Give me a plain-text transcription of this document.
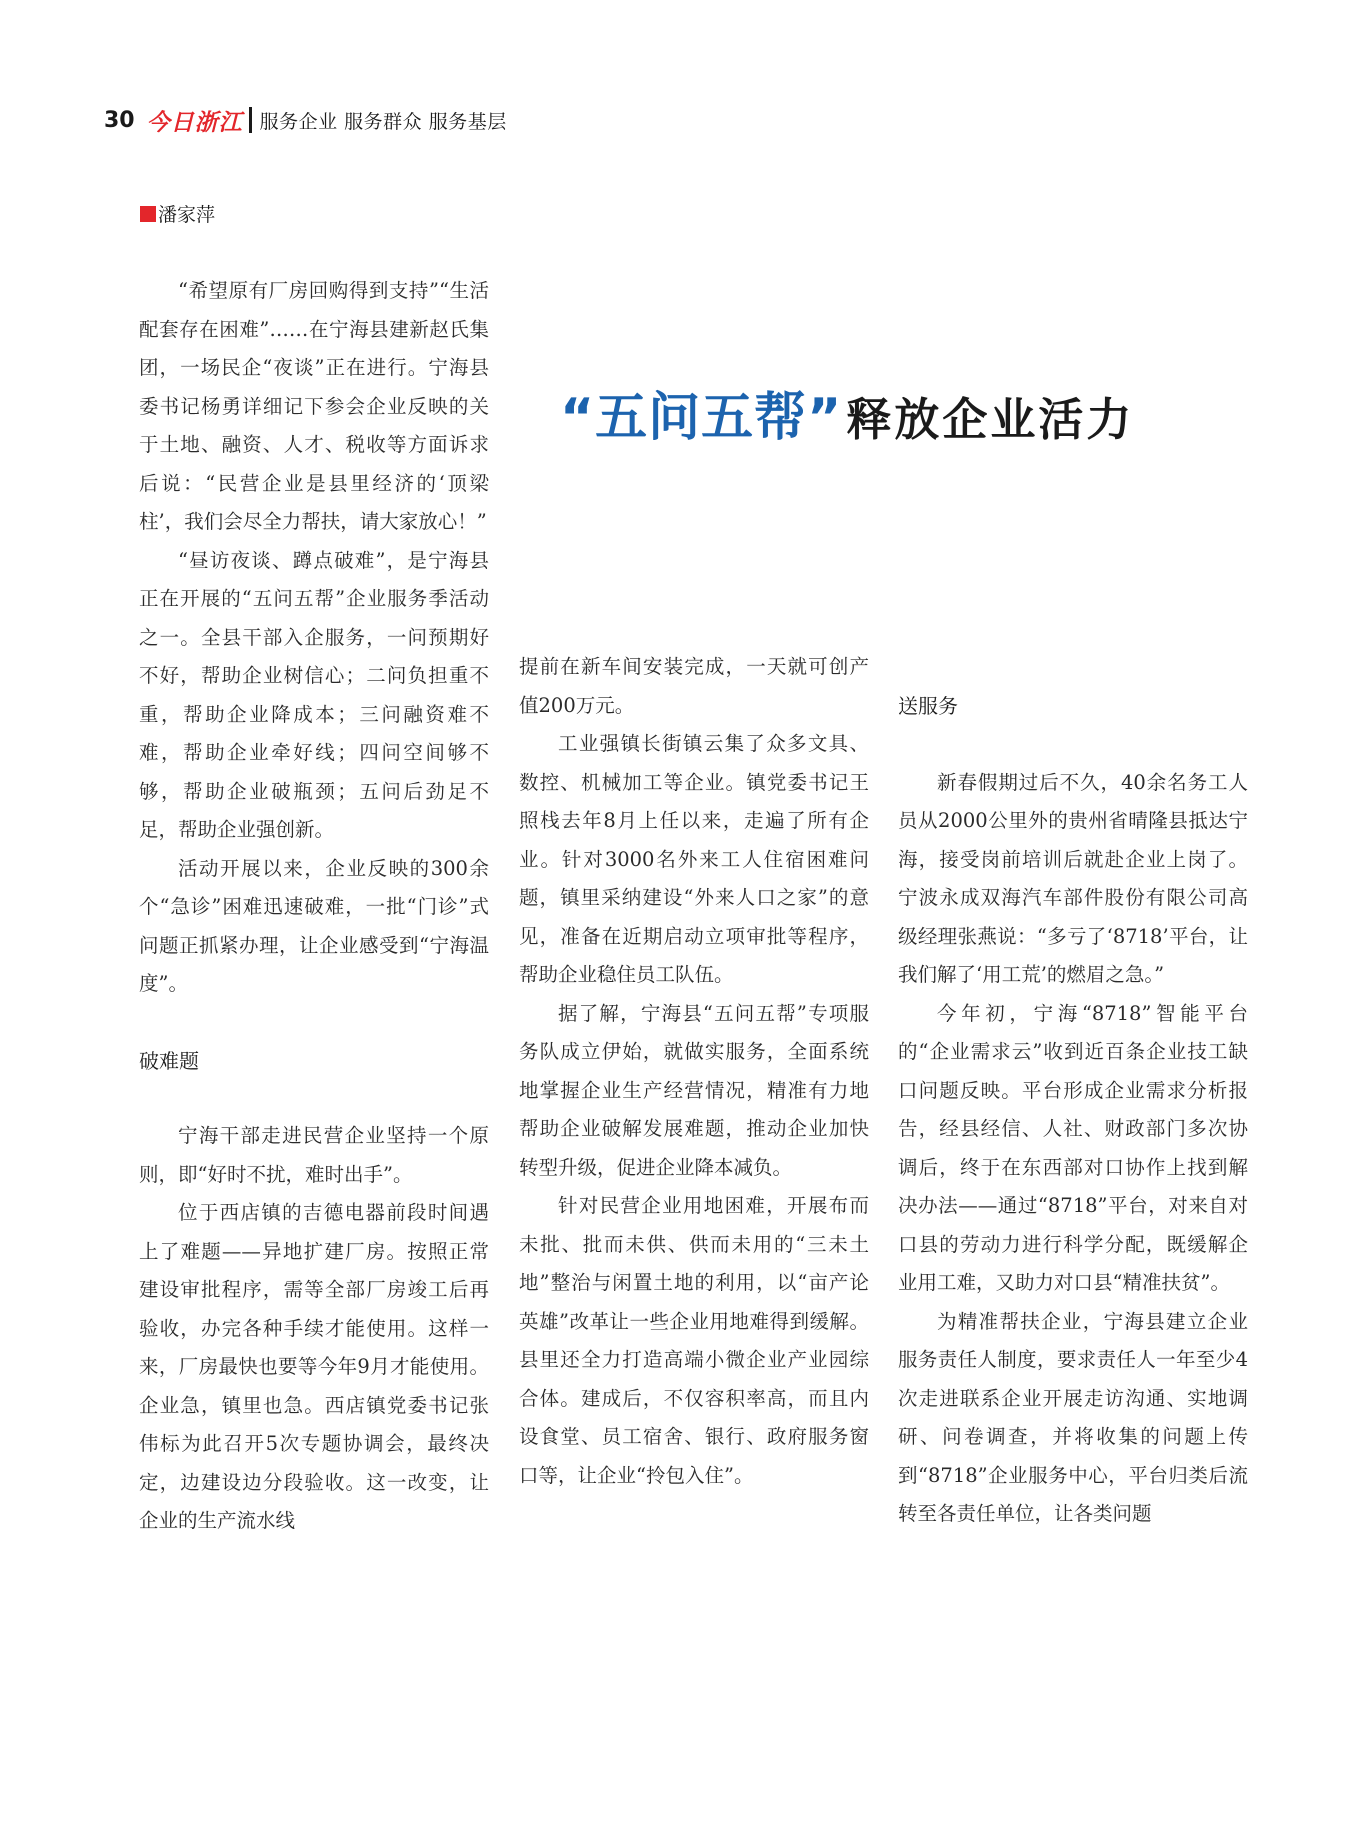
30 今日浙江 服务企业 服务群众 服务基层
潘家萍
“五问五帮” 释放企业活力

“希望原有厂房回购得到支持”“生活配套存在困难”……在宁海县建新赵氏集团，一场民企“夜谈”正在进行。宁海县委书记杨勇详细记下参会企业反映的关于土地、融资、人才、税收等方面诉求后说：“民营企业是县里经济的‘顶梁柱’，我们会尽全力帮扶，请大家放心！”

“昼访夜谈、蹲点破难”，是宁海县正在开展的“五问五帮”企业服务季活动之一。全县干部入企服务，一问预期好不好，帮助企业树信心；二问负担重不重，帮助企业降成本；三问融资难不难，帮助企业牵好线；四问空间够不够，帮助企业破瓶颈；五问后劲足不足，帮助企业强创新。

活动开展以来，企业反映的300余个“急诊”困难迅速破难，一批“门诊”式问题正抓紧办理，让企业感受到“宁海温度”。

破难题

宁海干部走进民营企业坚持一个原则，即“好时不扰，难时出手”。

位于西店镇的吉德电器前段时间遇上了难题——异地扩建厂房。按照正常建设审批程序，需等全部厂房竣工后再验收，办完各种手续才能使用。这样一来，厂房最快也要等今年9月才能使用。企业急，镇里也急。西店镇党委书记张伟标为此召开5次专题协调会，最终决定，边建设边分段验收。这一改变，让企业的生产流水线

提前在新车间安装完成，一天就可创产值200万元。

工业强镇长街镇云集了众多文具、数控、机械加工等企业。镇党委书记王照栈去年8月上任以来，走遍了所有企业。针对3000名外来工人住宿困难问题，镇里采纳建设“外来人口之家”的意见，准备在近期启动立项审批等程序，帮助企业稳住员工队伍。

据了解，宁海县“五问五帮”专项服务队成立伊始，就做实服务，全面系统地掌握企业生产经营情况，精准有力地帮助企业破解发展难题，推动企业加快转型升级，促进企业降本减负。

针对民营企业用地困难，开展布而未批、批而未供、供而未用的“三未土地”整治与闲置土地的利用，以“亩产论英雄”改革让一些企业用地难得到缓解。县里还全力打造高端小微企业产业园综合体。建成后，不仅容积率高，而且内设食堂、员工宿舍、银行、政府服务窗口等，让企业“拎包入住”。

送服务

新春假期过后不久，40余名务工人员从2000公里外的贵州省晴隆县抵达宁海，接受岗前培训后就赴企业上岗了。宁波永成双海汽车部件股份有限公司高级经理张燕说：“多亏了‘8718’平台，让我们解了‘用工荒’的燃眉之急。”

今年初，宁海“8718”智能平台的“企业需求云”收到近百条企业技工缺口问题反映。平台形成企业需求分析报告，经县经信、人社、财政部门多次协调后，终于在东西部对口协作上找到解决办法——通过“8718”平台，对来自对口县的劳动力进行科学分配，既缓解企业用工难，又助力对口县“精准扶贫”。

为精准帮扶企业，宁海县建立企业服务责任人制度，要求责任人一年至少4次走进联系企业开展走访沟通、实地调研、问卷调查，并将收集的问题上传到“8718”企业服务中心，平台归类后流转至各责任单位，让各类问题
